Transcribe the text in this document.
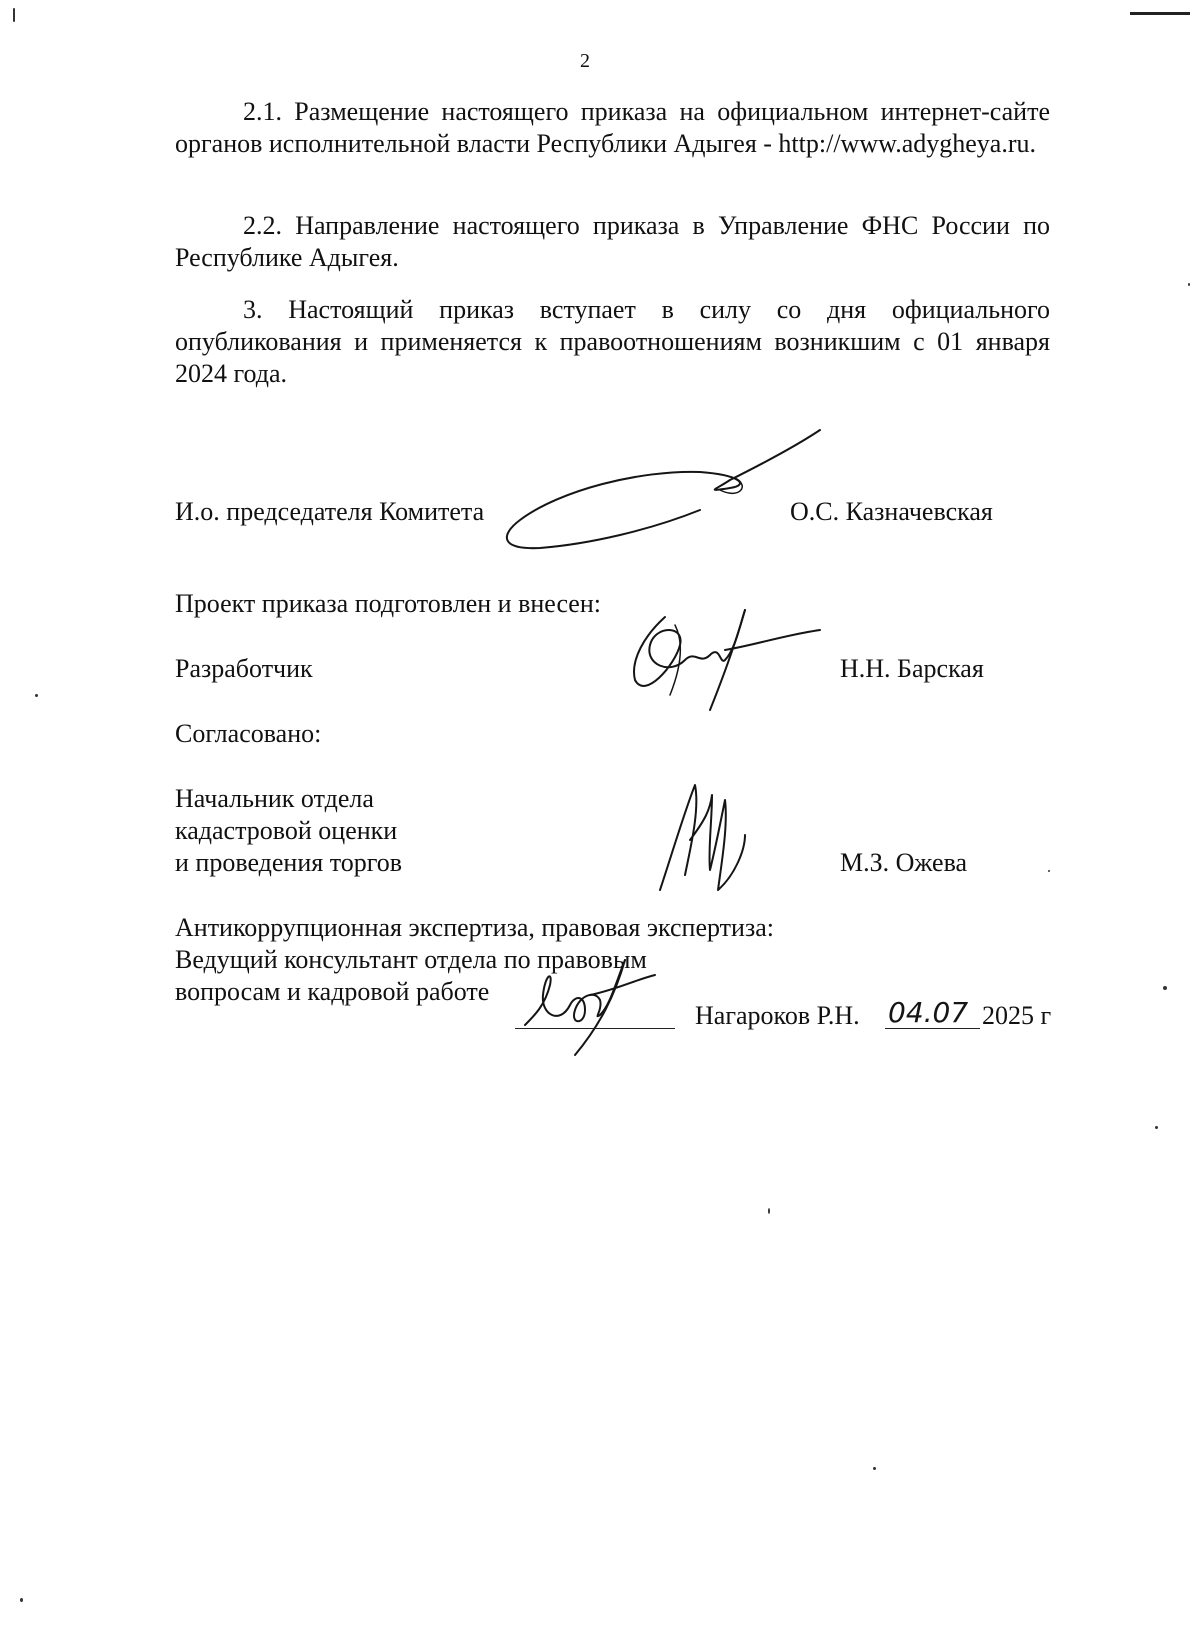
2

2.1. Размещение настоящего приказа на официальном интернет-сайте органов исполнительной власти Республики Адыгея - http://www.adygheya.ru.

2.2. Направление настоящего приказа в Управление ФНС России по Республике Адыгея.

3. Настоящий приказ вступает в силу со дня официального опубликования и применяется к правоотношениям возникшим с 01 января 2024 года.

И.о. председателя Комитета	О.С. Казначевская
Проект приказа подготовлен и внесен:
Разработчик	Н.Н. Барская
Согласовано:
Начальник отдела
кадастровой оценки
и проведения торгов	М.З. Ожева
Антикоррупционная экспертиза, правовая экспертиза:
Ведущий консультант отдела по правовым
вопросам и кадровой работе
Нагароков Р.Н. 04.07 2025 г
